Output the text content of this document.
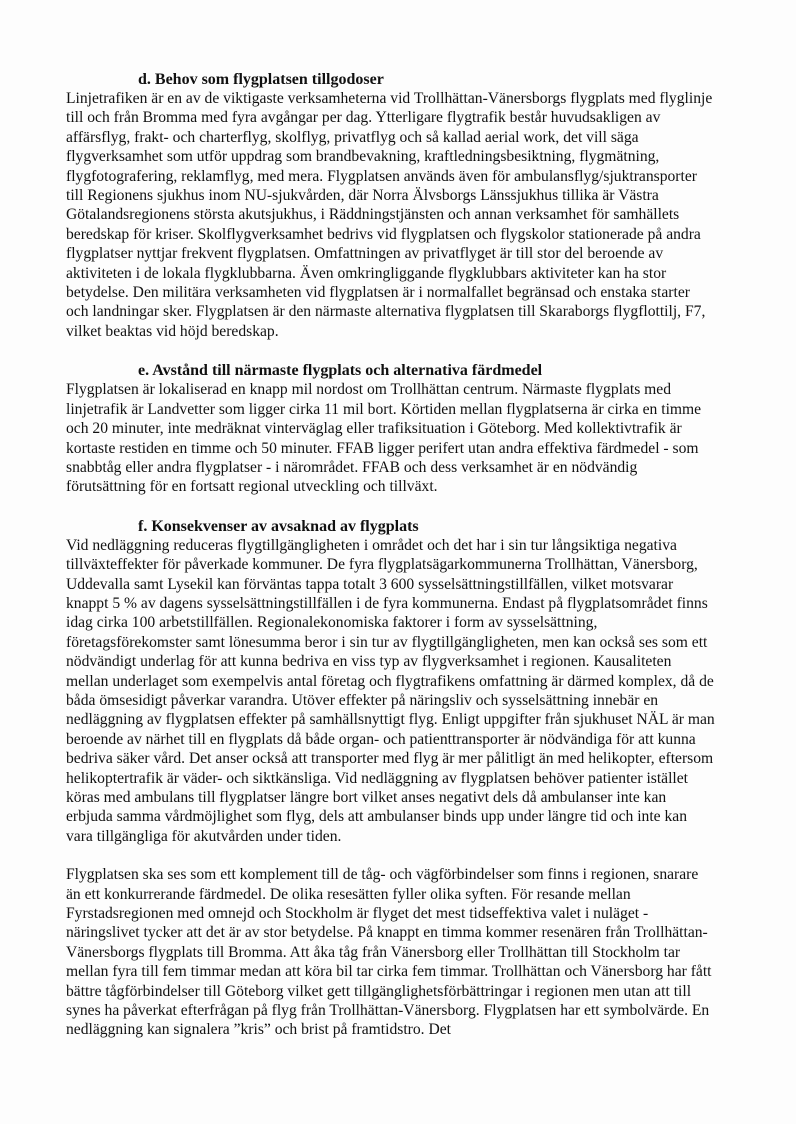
d. Behov som flygplatsen tillgodoser

Linjetrafiken är en av de viktigaste verksamheterna vid Trollhättan-Vänersborgs flygplats med flyglinje till och från Bromma med fyra avgångar per dag. Ytterligare flygtrafik består huvudsakligen av affärsflyg, frakt- och charterflyg, skolflyg, privatflyg och så kallad aerial work, det vill säga flygverksamhet som utför uppdrag som brandbevakning, kraftledningsbesiktning, flygmätning, flygfotografering, reklamflyg, med mera. Flygplatsen används även för ambulansflyg/sjuktransporter till Regionens sjukhus inom NU-sjukvården, där Norra Älvsborgs Länssjukhus tillika är Västra Götalandsregionens största akutsjukhus, i Räddningstjänsten och annan verksamhet för samhällets beredskap för kriser. Skolflygverksamhet bedrivs vid flygplatsen och flygskolor stationerade på andra flygplatser nyttjar frekvent flygplatsen. Omfattningen av privatflyget är till stor del beroende av aktiviteten i de lokala flygklubbarna. Även omkringliggande flygklubbars aktiviteter kan ha stor betydelse. Den militära verksamheten vid flygplatsen är i normalfallet begränsad och enstaka starter och landningar sker. Flygplatsen är den närmaste alternativa flygplatsen till Skaraborgs flygflottilj, F7, vilket beaktas vid höjd beredskap.

e. Avstånd till närmaste flygplats och alternativa färdmedel

Flygplatsen är lokaliserad en knapp mil nordost om Trollhättan centrum. Närmaste flygplats med linjetrafik är Landvetter som ligger cirka 11 mil bort. Körtiden mellan flygplatserna är cirka en timme och 20 minuter, inte medräknat vinterväglag eller trafiksituation i Göteborg. Med kollektivtrafik är kortaste restiden en timme och 50 minuter. FFAB ligger perifert utan andra effektiva färdmedel - som snabbtåg eller andra flygplatser - i närområdet. FFAB och dess verksamhet är en nödvändig förutsättning för en fortsatt regional utveckling och tillväxt.

f. Konsekvenser av avsaknad av flygplats

Vid nedläggning reduceras flygtillgängligheten i området och det har i sin tur långsiktiga negativa tillväxteffekter för påverkade kommuner. De fyra flygplatsägarkommunerna Trollhättan, Vänersborg, Uddevalla samt Lysekil kan förväntas tappa totalt 3 600 sysselsättningstillfällen, vilket motsvarar knappt 5 % av dagens sysselsättningstillfällen i de fyra kommunerna. Endast på flygplatsområdet finns idag cirka 100 arbetstillfällen. Regionalekonomiska faktorer i form av sysselsättning, företagsförekomster samt lönesumma beror i sin tur av flygtillgängligheten, men kan också ses som ett nödvändigt underlag för att kunna bedriva en viss typ av flygverksamhet i regionen. Kausaliteten mellan underlaget som exempelvis antal företag och flygtrafikens omfattning är därmed komplex, då de båda ömsesidigt påverkar varandra. Utöver effekter på näringsliv och sysselsättning innebär en nedläggning av flygplatsen effekter på samhällsnyttigt flyg. Enligt uppgifter från sjukhuset NÄL är man beroende av närhet till en flygplats då både organ- och patienttransporter är nödvändiga för att kunna bedriva säker vård. Det anser också att transporter med flyg är mer pålitligt än med helikopter, eftersom helikoptertrafik är väder- och siktkänsliga. Vid nedläggning av flygplatsen behöver patienter istället köras med ambulans till flygplatser längre bort vilket anses negativt dels då ambulanser inte kan erbjuda samma vårdmöjlighet som flyg, dels att ambulanser binds upp under längre tid och inte kan vara tillgängliga för akutvården under tiden.

Flygplatsen ska ses som ett komplement till de tåg- och vägförbindelser som finns i regionen, snarare än ett konkurrerande färdmedel. De olika resesätten fyller olika syften. För resande mellan Fyrstadsregionen med omnejd och Stockholm är flyget det mest tidseffektiva valet i nuläget - näringslivet tycker att det är av stor betydelse. På knappt en timma kommer resenären från Trollhättan- Vänersborgs flygplats till Bromma. Att åka tåg från Vänersborg eller Trollhättan till Stockholm tar mellan fyra till fem timmar medan att köra bil tar cirka fem timmar. Trollhättan och Vänersborg har fått bättre tågförbindelser till Göteborg vilket gett tillgänglighetsförbättringar i regionen men utan att till synes ha påverkat efterfrågan på flyg från Trollhättan-Vänersborg. Flygplatsen har ett symbolvärde. En nedläggning kan signalera ”kris” och brist på framtidstro. Det
